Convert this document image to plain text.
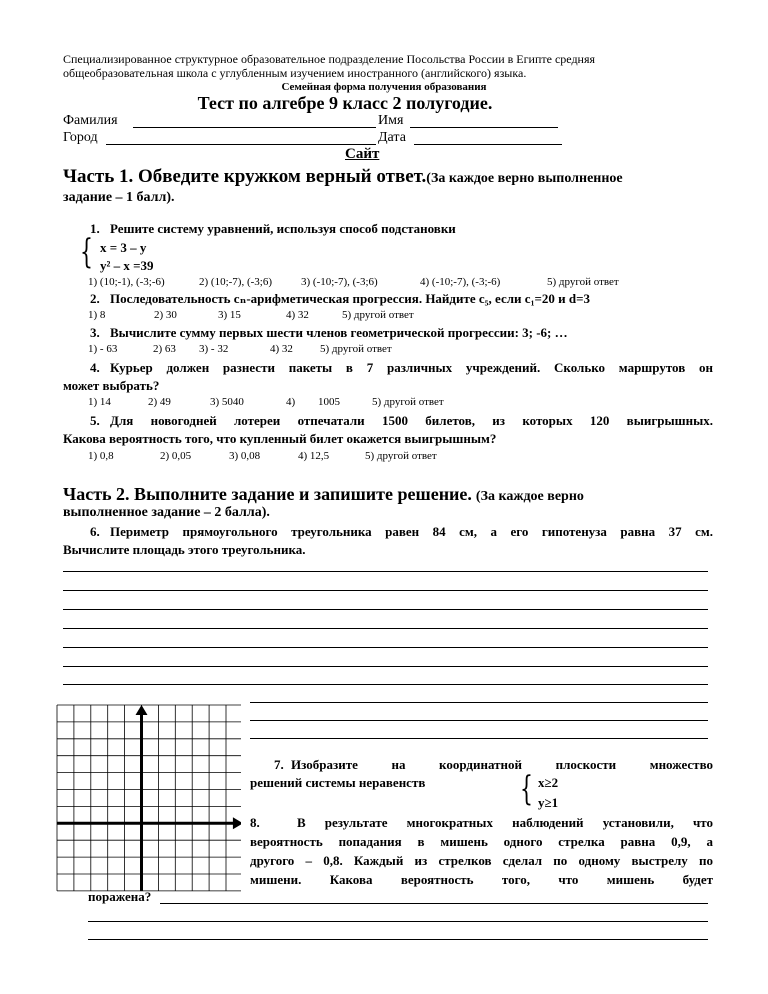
Специализированное структурное образовательное подразделение Посольства России в Египте средняя
общеобразовательная школа с углубленным изучением иностранного (английского) языка.
Семейная форма получения образования
Тест по алгебре 9 класс 2 полугодие.
Фамилия	Имя
Город	Дата
Сайт
Часть 1. Обведите кружком верный ответ.(За каждое верно выполненное
задание – 1 балл).
1. Решите систему уравнений, используя способ подстановки
{ x = 3 – y
y² – x =39
1) (10;-1), (-3;-6)	2) (10;-7), (-3;6)	3) (-10;-7), (-3;6)	4) (-10;-7), (-3;-6)	5) другой ответ
2. Последовательность cₙ-арифметическая прогрессия. Найдите c₅, если c₁=20 и d=3
1) 8	2) 30	3) 15	4) 32	5) другой ответ
3. Вычислите сумму первых шести членов геометрической прогрессии: 3; -6; …
1) - 63	2) 63 3) - 32	4) 32 5) другой ответ
4. Курьер должен разнести пакеты в 7 различных учреждений. Сколько маршрутов он
может выбрать?
1) 14	2) 49	3) 5040	4) 1005	5) другой ответ
5. Для новогодней лотереи отпечатали 1500 билетов, из которых 120 выигрышных.
Какова вероятность того, что купленный билет окажется выигрышным?
1) 0,8	2) 0,05	3) 0,08	4) 12,5	5) другой ответ
Часть 2. Выполните задание и запишите решение. (За каждое верно
выполненное задание – 2 балла).
6. Периметр прямоугольного треугольника равен 84 см, а его гипотенуза равна 37 см.
Вычислите площадь этого треугольника.
7. Изобразите на координатной плоскости множество
решений системы неравенств	{ x≥2
y≥1
8.	В результате многократных наблюдений установили, что
вероятность попадания в мишень одного стрелка равна 0,9, а
другого – 0,8. Каждый из стрелков сделал по одному выстрелу по
мишени. Какова вероятность того, что мишень будет
поражена?
